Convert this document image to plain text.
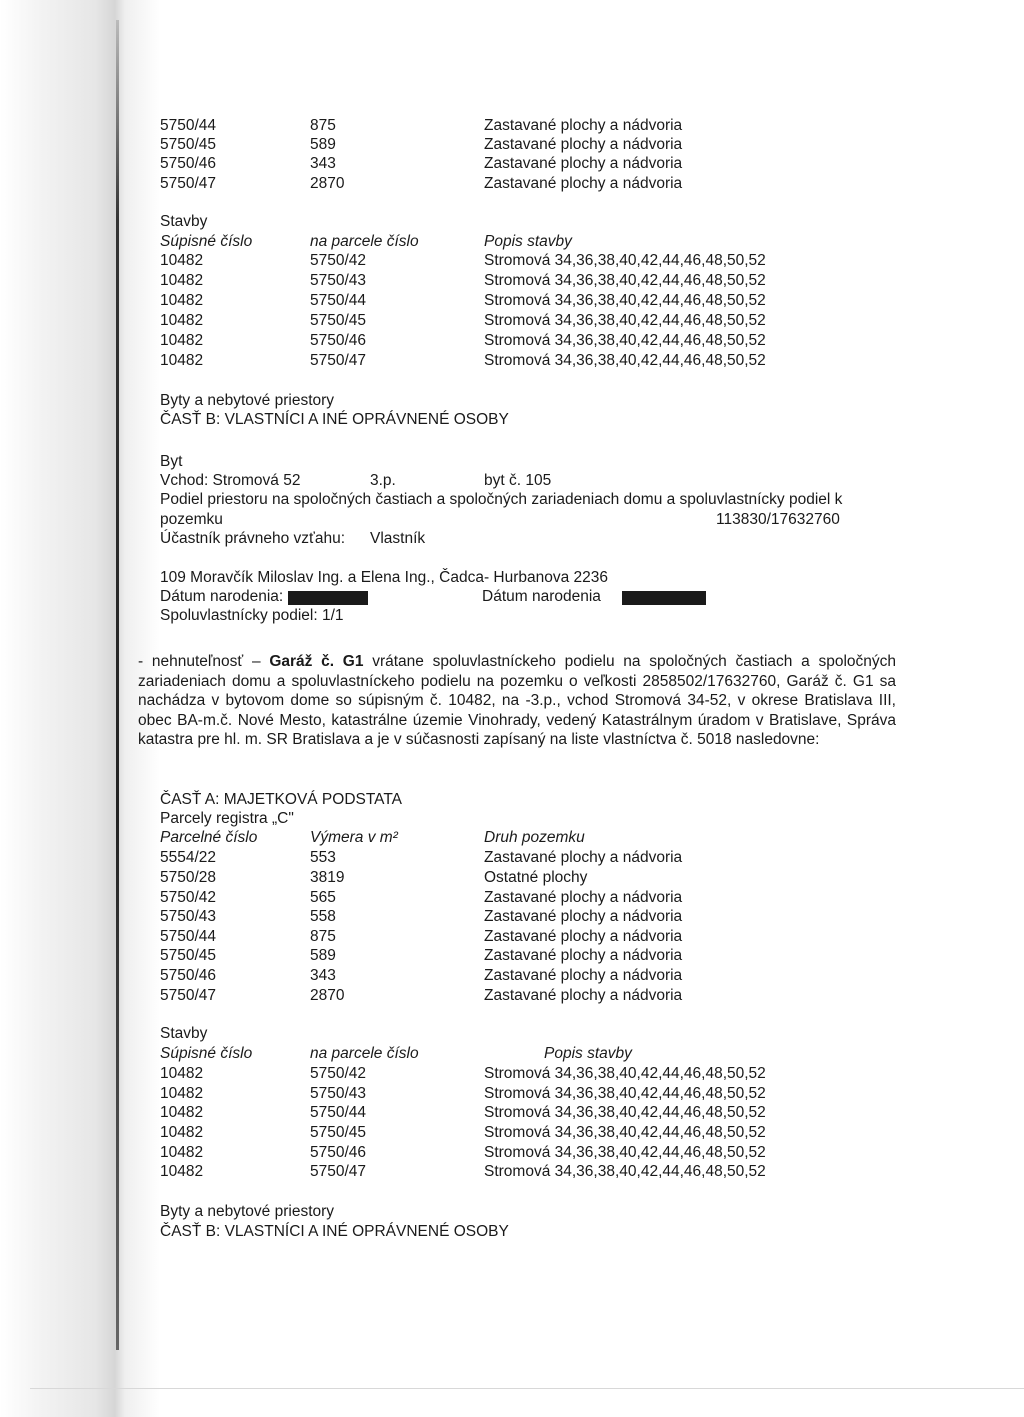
5750/44	875	Zastavané plochy a nádvoria
5750/45	589	Zastavané plochy a nádvoria
5750/46	343	Zastavané plochy a nádvoria
5750/47	2870	Zastavané plochy a nádvoria
Stavby
Súpisné číslo	na parcele číslo	Popis stavby
10482	5750/42	Stromová 34,36,38,40,42,44,46,48,50,52
10482	5750/43	Stromová 34,36,38,40,42,44,46,48,50,52
10482	5750/44	Stromová 34,36,38,40,42,44,46,48,50,52
10482	5750/45	Stromová 34,36,38,40,42,44,46,48,50,52
10482	5750/46	Stromová 34,36,38,40,42,44,46,48,50,52
10482	5750/47	Stromová 34,36,38,40,42,44,46,48,50,52
Byty a nebytové priestory
ČASŤ B: VLASTNÍCI A INÉ OPRÁVNENÉ OSOBY
Byt
Vchod: Stromová 52	3.p.	byt č. 105
Podiel priestoru na spoločných častiach a spoločných zariadeniach domu a spoluvlastnícky podiel k
pozemku	113830/17632760
Účastník právneho vzťahu: Vlastník
109 Moravčík Miloslav Ing. a Elena Ing., Čadca- Hurbanova 2236
Dátum narodenia:	Dátum narodenia
Spoluvlastnícky podiel: 1/1
- nehnuteľnosť – Garáž č. G1 vrátane spoluvlastníckeho podielu na spoločných častiach a spoločných zariadeniach domu a spoluvlastníckeho podielu na pozemku o veľkosti 2858502/17632760, Garáž č. G1 sa nachádza v bytovom dome so súpisným č. 10482, na -3.p., vchod Stromová 34-52, v okrese Bratislava III, obec BA-m.č. Nové Mesto, katastrálne územie Vinohrady, vedený Katastrálnym úradom v Bratislave, Správa katastra pre hl. m. SR Bratislava a je v súčasnosti zapísaný na liste vlastníctva č. 5018 nasledovne:
ČASŤ A: MAJETKOVÁ PODSTATA
Parcely registra „C"
Parcelné číslo	Výmera v m²	Druh pozemku
5554/22	553	Zastavané plochy a nádvoria
5750/28	3819	Ostatné plochy
5750/42	565	Zastavané plochy a nádvoria
5750/43	558	Zastavané plochy a nádvoria
5750/44	875	Zastavané plochy a nádvoria
5750/45	589	Zastavané plochy a nádvoria
5750/46	343	Zastavané plochy a nádvoria
5750/47	2870	Zastavané plochy a nádvoria
Stavby
Súpisné číslo	na parcele číslo	Popis stavby
10482	5750/42	Stromová 34,36,38,40,42,44,46,48,50,52
10482	5750/43	Stromová 34,36,38,40,42,44,46,48,50,52
10482	5750/44	Stromová 34,36,38,40,42,44,46,48,50,52
10482	5750/45	Stromová 34,36,38,40,42,44,46,48,50,52
10482	5750/46	Stromová 34,36,38,40,42,44,46,48,50,52
10482	5750/47	Stromová 34,36,38,40,42,44,46,48,50,52
Byty a nebytové priestory
ČASŤ B: VLASTNÍCI A INÉ OPRÁVNENÉ OSOBY
